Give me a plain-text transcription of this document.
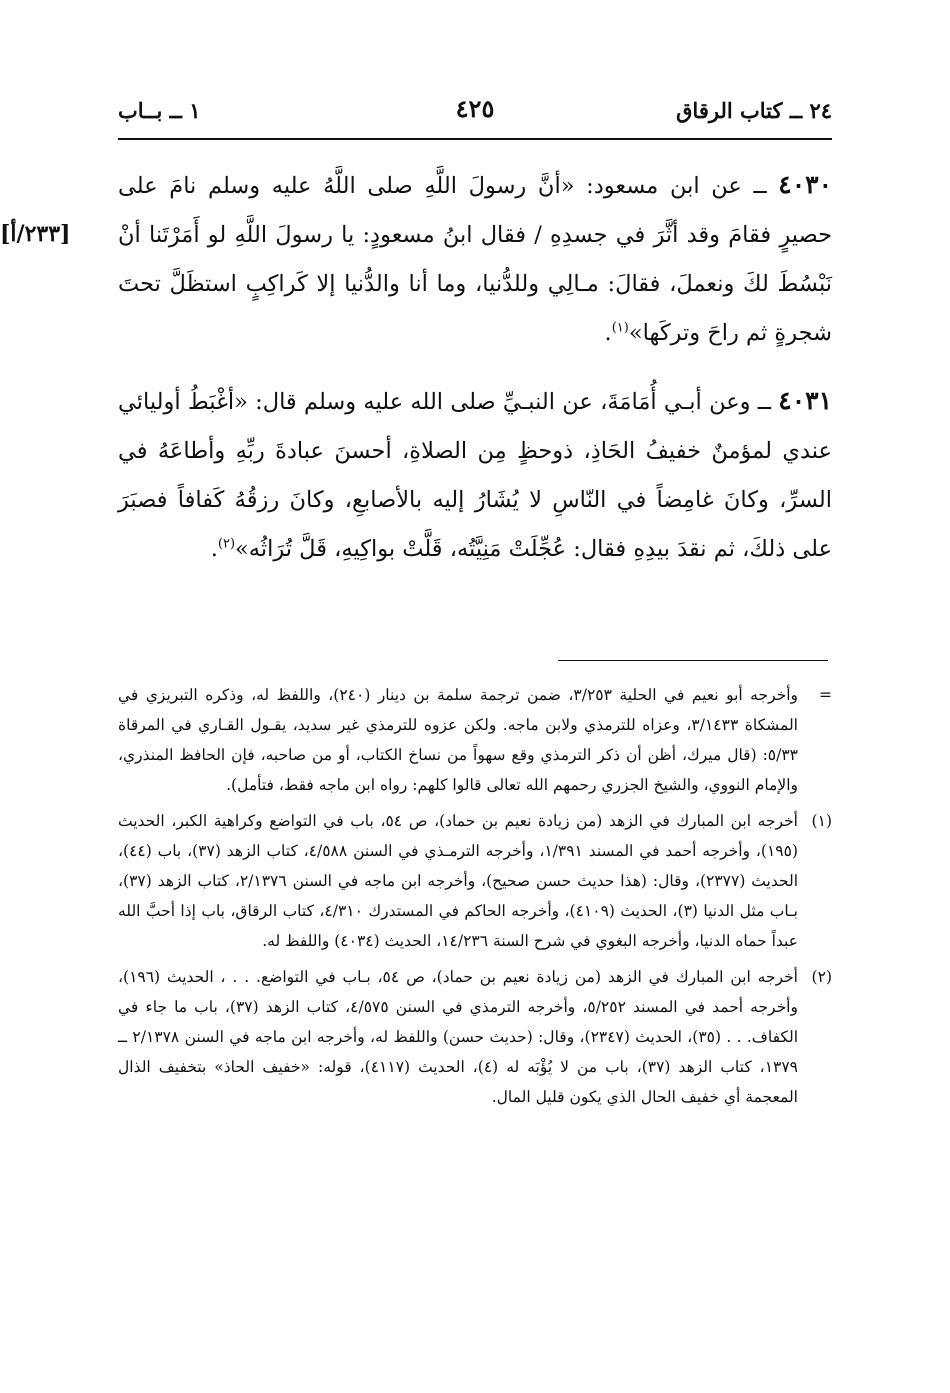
٢٤ ــ كتاب الرقاق
٤٢٥
١ ــ بــاب
[٢٣٣/أ]

٤٠٣٠ ــ عن ابن مسعود: «أنَّ رسولَ اللَّهِ صلى اللَّهُ عليه وسلم نامَ على حصيرٍ فقامَ وقد أثَّرَ في جسدِهِ / فقال ابنُ مسعودٍ: يا رسولَ اللَّهِ لو أَمَرْتَنا أنْ نَبْسُطَ لكَ ونعملَ، فقالَ: مـالِي وللدُّنيا، وما أنا والدُّنيا إلا كَراكِبٍ استظَلَّ تحتَ شجرةٍ ثم راحَ وتركَها»$^{(١)}$.

٤٠٣١ ــ وعن أبـي أُمَامَةَ، عن النبـيِّ صلى الله عليه وسلم قال: «أغْبَطُ أوليائي عندي لمؤمنٌ خفيفُ الحَاذِ، ذوحظٍ مِن الصلاةِ، أحسنَ عبادةَ ربِّهِ وأطاعَهُ في السرِّ، وكانَ غامِضاً في النّاسِ لا يُشَارُ إليه بالأصابعِ، وكانَ رزقُهُ كَفافاً فصبَرَ على ذلكَ، ثم نقدَ بيدِهِ فقال: عُجِّلَتْ مَنِيَّتُه، قَلَّتْ بواكِيهِ، قَلَّ تُرَاثُه»$^{(٢)}$.

=
وأخرجه أبو نعيم في الحلية ٣/٢٥٣، ضمن ترجمة سلمة بن دينار (٢٤٠)، واللفظ له، وذكره التبريزي في المشكاة ٣/١٤٣٣، وعزاه للترمذي ولابن ماجه. ولكن عزوه للترمذي غير سديد، يقـول القـاري في المرقاة ٥/٣٣: (قال ميرك، أظن أن ذكر الترمذي وقع سهواً من نساخ الكتاب، أو من صاحبه، فإن الحافظ المنذري، والإمام النووي، والشيخ الجزري رحمهم الله تعالى قالوا كلهم: رواه ابن ماجه فقط، فتأمل).
(١)
أخرجه ابن المبارك في الزهد (من زيادة نعيم بن حماد)، ص ٥٤، باب في التواضع وكراهية الكبر، الحديث (١٩٥)، وأخرجه أحمد في المسند ١/٣٩١، وأخرجه الترمـذي في السنن ٤/٥٨٨، كتاب الزهد (٣٧)، باب (٤٤)، الحديث (٢٣٧٧)، وقال: (هذا حديث حسن صحيح)، وأخرجه ابن ماجه في السنن ٢/١٣٧٦، كتاب الزهد (٣٧)، بـاب مثل الدنيا (٣)، الحديث (٤١٠٩)، وأخرجه الحاكم في المستدرك ٤/٣١٠، كتاب الرقاق، باب إذا أحبَّ الله عبداً حماه الدنيا، وأخرجه البغوي في شرح السنة ١٤/٢٣٦، الحديث (٤٠٣٤) واللفظ له.
(٢)
أخرجه ابن المبارك في الزهد (من زيادة نعيم بن حماد)، ص ٥٤، بـاب في التواضع. . . ، الحديث (١٩٦)، وأخرجه أحمد في المسند ٥/٢٥٢، وأخرجه الترمذي في السنن ٤/٥٧٥، كتاب الزهد (٣٧)، باب ما جاء في الكفاف. . . (٣٥)، الحديث (٢٣٤٧)، وقال: (حديث حسن) واللفظ له، وأخرجه ابن ماجه في السنن ٢/١٣٧٨ ــ ١٣٧٩، كتاب الزهد (٣٧)، باب من لا يُؤْبَه له (٤)، الحديث (٤١١٧)، قوله: «خفيف الحاذ» بتخفيف الذال المعجمة أي خفيف الحال الذي يكون قليل المال.
